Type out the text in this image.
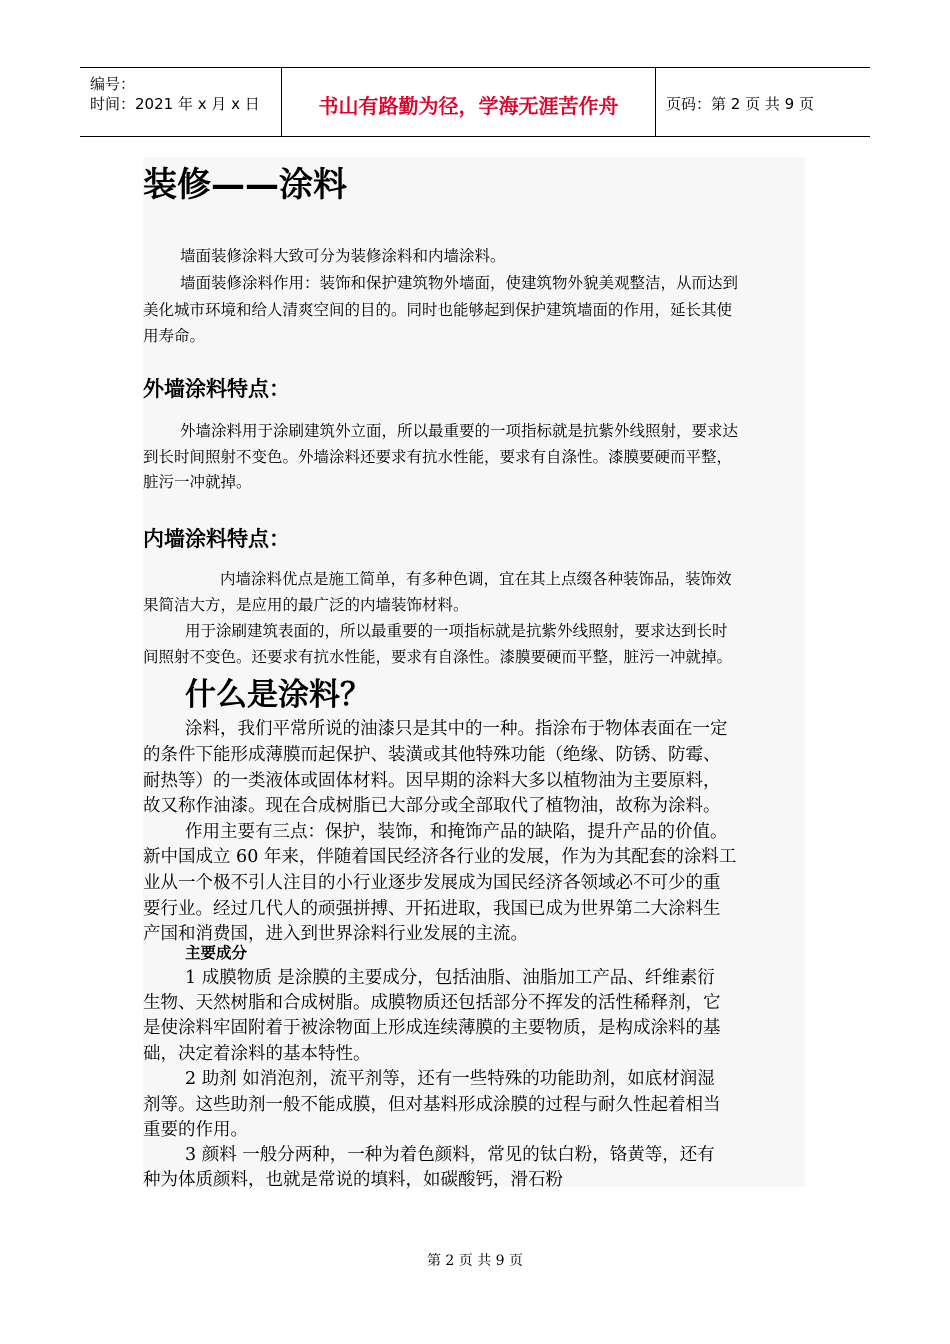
编号：
时间：2021 年 x 月 x 日	书山有路勤为径，学海无涯苦作舟	页码：第 2 页 共 9 页
装修——涂料
墙面装修涂料大致可分为装修涂料和内墙涂料。
墙面装修涂料作用：装饰和保护建筑物外墙面，使建筑物外貌美观整洁，从而达到
美化城市环境和给人清爽空间的目的。同时也能够起到保护建筑墙面的作用，延长其使
用寿命。
外墙涂料特点：
外墙涂料用于涂刷建筑外立面，所以最重要的一项指标就是抗紫外线照射，要求达
到长时间照射不变色。外墙涂料还要求有抗水性能，要求有自涤性。漆膜要硬而平整，
脏污一冲就掉。
内墙涂料特点：
内墙涂料优点是施工简单，有多种色调，宜在其上点缀各种装饰品，装饰效
果简洁大方，是应用的最广泛的内墙装饰材料。
用于涂刷建筑表面的，所以最重要的一项指标就是抗紫外线照射，要求达到长时
间照射不变色。还要求有抗水性能，要求有自涤性。漆膜要硬而平整，脏污一冲就掉。
什么是涂料？
涂料，我们平常所说的油漆只是其中的一种。指涂布于物体表面在一定
的条件下能形成薄膜而起保护、装潢或其他特殊功能（绝缘、防锈、防霉、
耐热等）的一类液体或固体材料。因早期的涂料大多以植物油为主要原料，
故又称作油漆。现在合成树脂已大部分或全部取代了植物油，故称为涂料。
作用主要有三点：保护，装饰，和掩饰产品的缺陷，提升产品的价值。
新中国成立 60 年来，伴随着国民经济各行业的发展，作为为其配套的涂料工
业从一个极不引人注目的小行业逐步发展成为国民经济各领域必不可少的重
要行业。经过几代人的顽强拼搏、开拓进取，我国已成为世界第二大涂料生
产国和消费国，进入到世界涂料行业发展的主流。
主要成分
1 成膜物质 是涂膜的主要成分，包括油脂、油脂加工产品、纤维素衍
生物、天然树脂和合成树脂。成膜物质还包括部分不挥发的活性稀释剂，它
是使涂料牢固附着于被涂物面上形成连续薄膜的主要物质，是构成涂料的基
础，决定着涂料的基本特性。
2 助剂 如消泡剂，流平剂等，还有一些特殊的功能助剂，如底材润湿
剂等。这些助剂一般不能成膜，但对基料形成涂膜的过程与耐久性起着相当
重要的作用。
3 颜料 一般分两种，一种为着色颜料，常见的钛白粉，铬黄等，还有
种为体质颜料，也就是常说的填料，如碳酸钙，滑石粉
第 2 页 共 9 页
